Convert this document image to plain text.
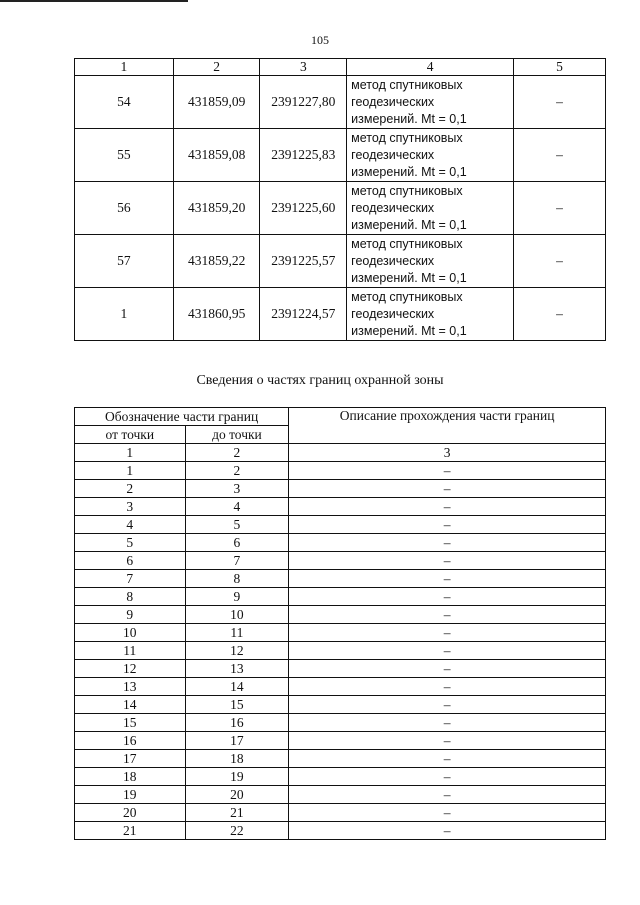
105
1	2	3	4	5
54	431859,09	2391227,80	метод спутниковых
геодезических
измерений. Mt = 0,1	–
55	431859,08	2391225,83	метод спутниковых
геодезических
измерений. Mt = 0,1	–
56	431859,20	2391225,60	метод спутниковых
геодезических
измерений. Mt = 0,1	–
57	431859,22	2391225,57	метод спутниковых
геодезических
измерений. Mt = 0,1	–
1	431860,95	2391224,57	метод спутниковых
геодезических
измерений. Mt = 0,1	–
Сведения о частях границ охранной зоны
Обозначение части границ		Описание прохождения части границ
от точки	до точки	
1	2	3
1	2	–
2	3	–
3	4	–
4	5	–
5	6	–
6	7	–
7	8	–
8	9	–
9	10	–
10	11	–
11	12	–
12	13	–
13	14	–
14	15	–
15	16	–
16	17	–
17	18	–
18	19	–
19	20	–
20	21	–
21	22	–
